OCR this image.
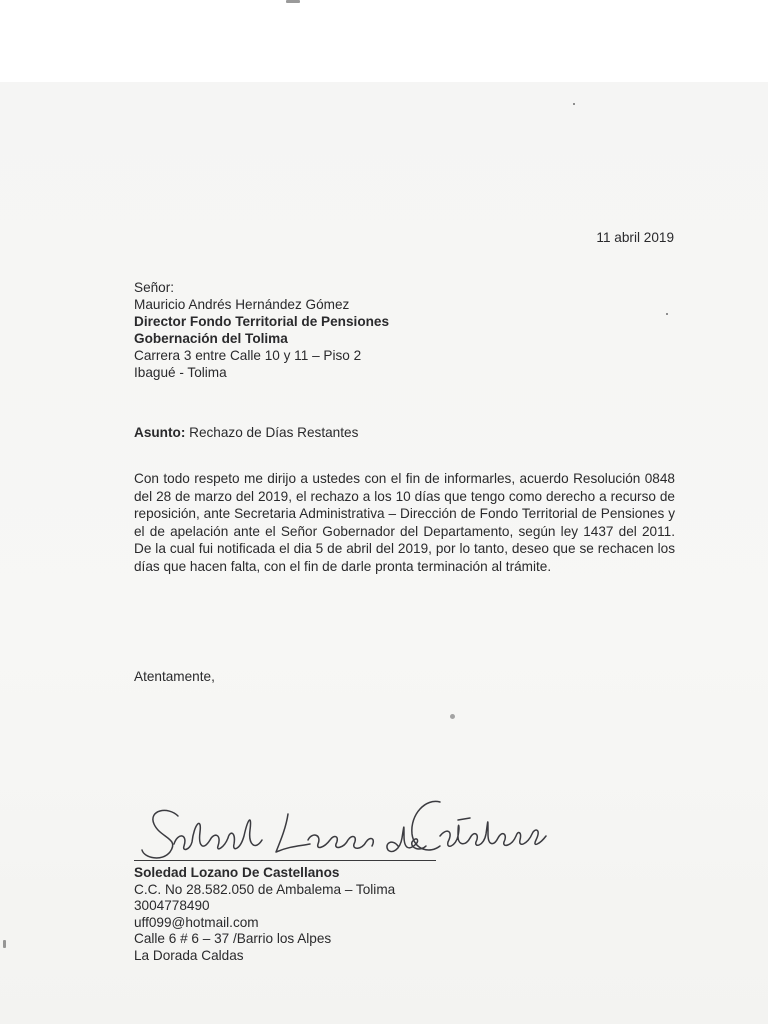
11 abril 2019
Señor:
Mauricio Andrés Hernández Gómez
Director Fondo Territorial de Pensiones
Gobernación del Tolima
Carrera 3 entre Calle 10 y 11 – Piso 2
Ibagué - Tolima
Asunto: Rechazo de Días Restantes
Con todo respeto me dirijo a ustedes con el fin de informarles, acuerdo Resolución 0848 del 28 de marzo del 2019, el rechazo a los 10 días que tengo como derecho a recurso de reposición, ante Secretaria Administrativa – Dirección de Fondo Territorial de Pensiones y el de apelación ante el Señor Gobernador del Departamento, según ley 1437 del 2011. De la cual fui notificada el dia 5 de abril del 2019, por lo tanto, deseo que se rechacen los días que hacen falta, con el fin de darle pronta terminación al trámite.
Atentamente,
Soledad Lozano De Castellanos
C.C. No 28.582.050 de Ambalema – Tolima
3004778490
uff099@hotmail.com
Calle 6 # 6 – 37 /Barrio los Alpes
La Dorada Caldas
